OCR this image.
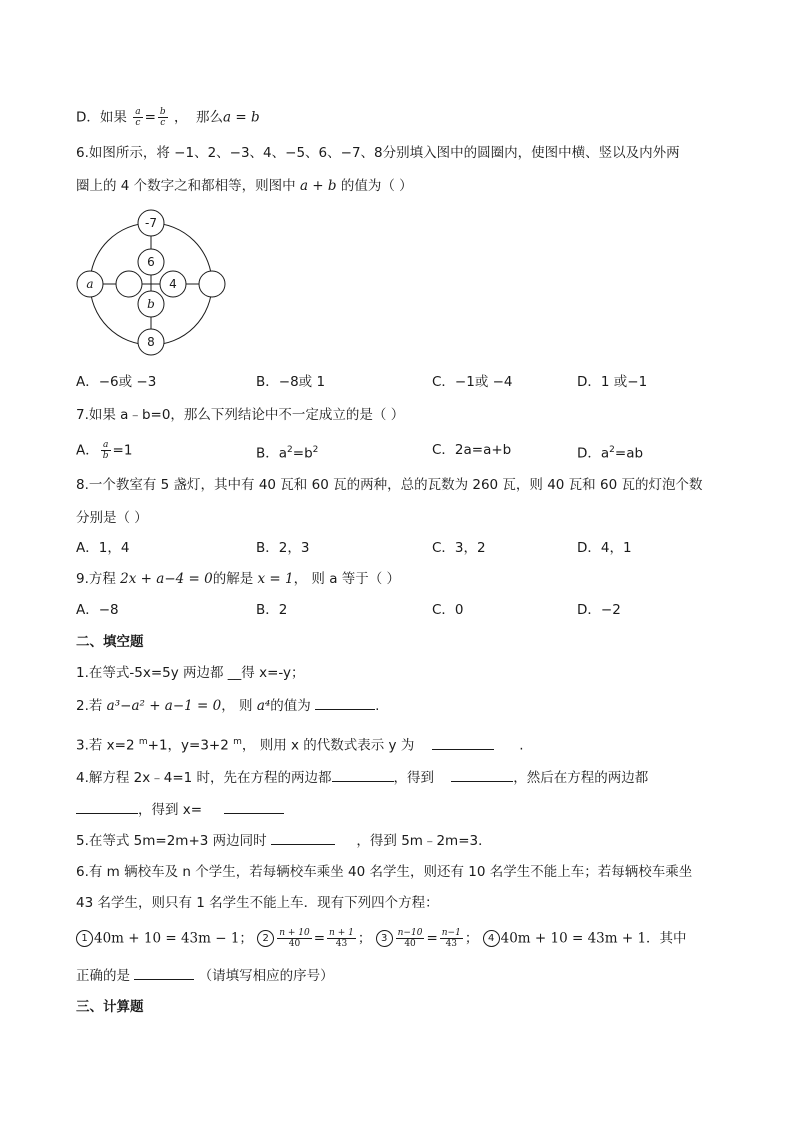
D．如果 $\frac{a}{c} = \frac{b}{c}$ ， 那么a = b
6.如图所示，将 −1、2、−3、4、−5、6、−7、8分别填入图中的圆圈内，使图中横、竖以及内外两
圈上的 4 个数字之和都相等，则图中 a + b 的值为（ ）
-7
6
4
8
a
b
A．−6或 −3	B．−8或 1	C．−1或 −4	D．1 或−1
7.如果 a﹣b=0，那么下列结论中不一定成立的是（ ）
A． $\frac{a}{b} =1$	B．$a^2=b^2$	C．2a=a+b	D．$a^2=ab$
8.一个教室有 5 盏灯，其中有 40 瓦和 60 瓦的两种，总的瓦数为 260 瓦，则 40 瓦和 60 瓦的灯泡个数
分别是（ ）
A．1，4	B．2，3	C．3，2	D．4，1
9.方程 2x + a−4 = 0的解是 x = 1， 则 a 等于（ ）
A．−8	B．2	C．0	D．−2
二、填空题
1.在等式-5x=5y 两边都 __得 x=-y；
2.若 a³−a² + a−1 = 0， 则 a⁴的值为	.
3.若 x=2 $^m$+1，y=3+2 $^m$， 则用 x 的代数式表示 y 为	.
4.解方程 2x﹣4=1 时，先在方程的两边都	，得到	，然后在方程的两边都
，得到 x=
5.在等式 5m=2m+3 两边同时	，得到 5m﹣2m=3．
6.有 m 辆校车及 n 个学生，若每辆校车乘坐 40 名学生，则还有 10 名学生不能上车；若每辆校车乘坐
43 名学生，则只有 1 名学生不能上车．现有下列四个方程：
1 40m + 10 = 43m − 1； $2 \frac{n + 10}{40} = \frac{n + 1}{43}$ ； $3 \frac{n-10}{40} = \frac{n-1}{43}$ ； 4 40m + 10 = 43m + 1．其中
正确的是	（请填写相应的序号）
三、计算题
